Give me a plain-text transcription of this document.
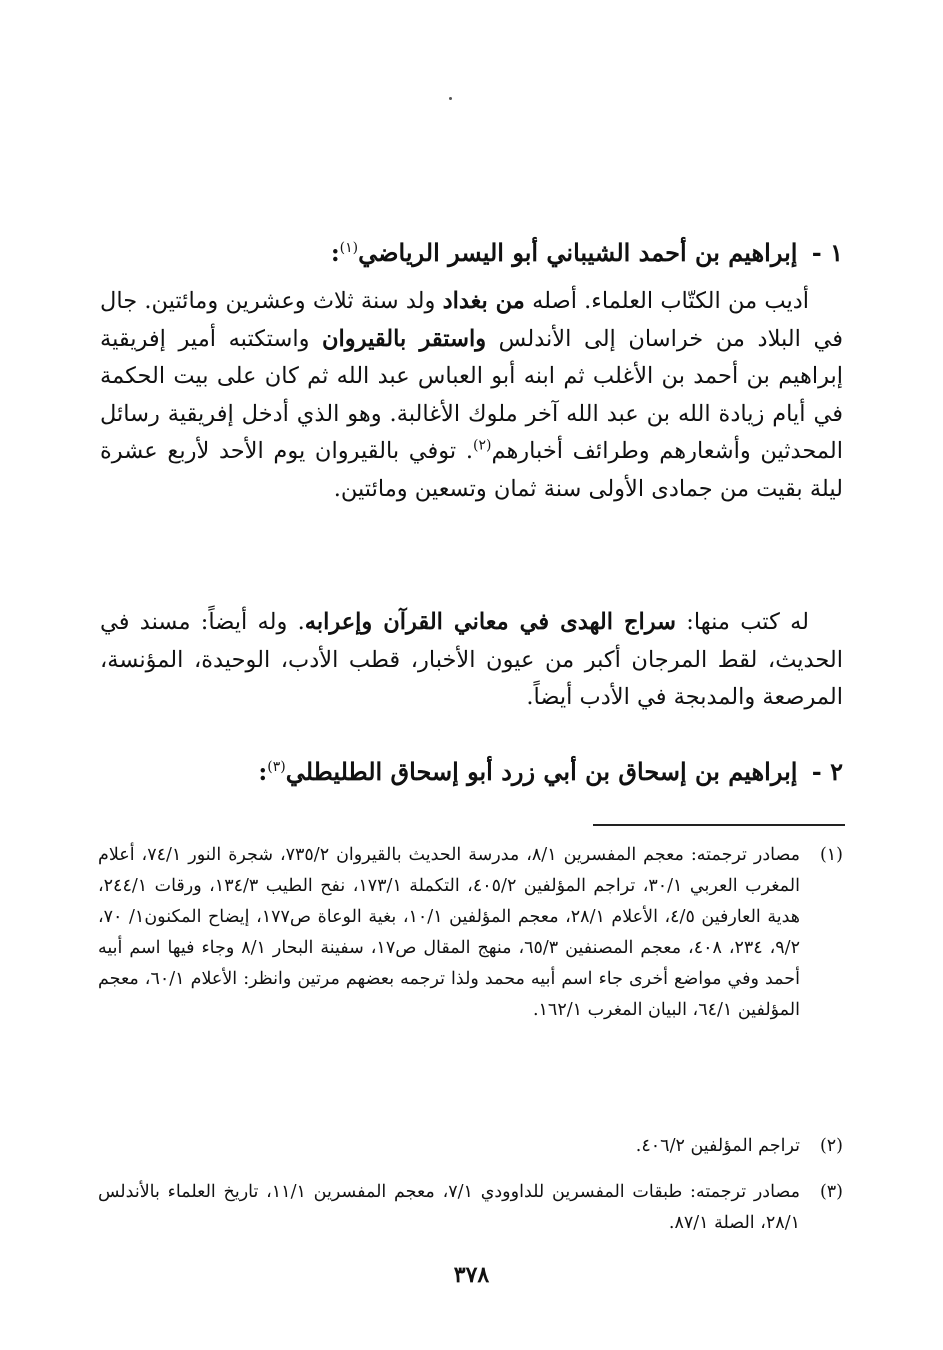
١ - إبراهيم بن أحمد الشيباني أبو اليسر الرياضي$^{(١)}$:
أديب من الكتّاب العلماء. أصله من بغداد ولد سنة ثلاث وعشرين ومائتين. جال في البلاد من خراسان إلى الأندلس واستقر بالقيروان واستكتبه أمير إفريقية إبراهيم بن أحمد بن الأغلب ثم ابنه أبو العباس عبد الله ثم كان على بيت الحكمة في أيام زيادة الله بن عبد الله آخر ملوك الأغالبة. وهو الذي أدخل إفريقية رسائل المحدثين وأشعارهم وطرائف أخبارهم$^{(٢)}$. توفي بالقيروان يوم الأحد لأربع عشرة ليلة بقيت من جمادى الأولى سنة ثمان وتسعين ومائتين.
له كتب منها: سراج الهدى في معاني القرآن وإعرابه. وله أيضاً: مسند في الحديث، لقط المرجان أكبر من عيون الأخبار، قطب الأدب، الوحيدة، المؤنسة، المرصعة والمدبجة في الأدب أيضاً.
٢ - إبراهيم بن إسحاق بن أبي زرد أبو إسحاق الطليطلي$^{(٣)}$:
(١)
مصادر ترجمته: معجم المفسرين ٨/١، مدرسة الحديث بالقيروان ٧٣٥/٢، شجرة النور ٧٤/١، أعلام المغرب العربي ٣٠/١، تراجم المؤلفين ٤٠٥/٢، التكملة ١٧٣/١، نفح الطيب ١٣٤/٣، ورقات ٢٤٤/١، هدية العارفين ٤/٥، الأعلام ٢٨/١، معجم المؤلفين ١٠/١، بغية الوعاة ص١٧٧، إيضاح المكنون١/ ٧٠، ٩/٢، ٢٣٤، ٤٠٨، معجم المصنفين ٦٥/٣، منهج المقال ص١٧، سفينة البحار ٨/١ وجاء فيها اسم أبيه أحمد وفي مواضع أخرى جاء اسم أبيه محمد ولذا ترجمه بعضهم مرتين وانظر: الأعلام ٦٠/١، معجم المؤلفين ٦٤/١، البيان المغرب ١٦٢/١.
(٢)
تراجم المؤلفين ٤٠٦/٢.
(٣)
مصادر ترجمته: طبقات المفسرين للداوودي ٧/١، معجم المفسرين ١١/١، تاريخ العلماء بالأندلس ٢٨/١، الصلة ٨٧/١.
٣٧٨
